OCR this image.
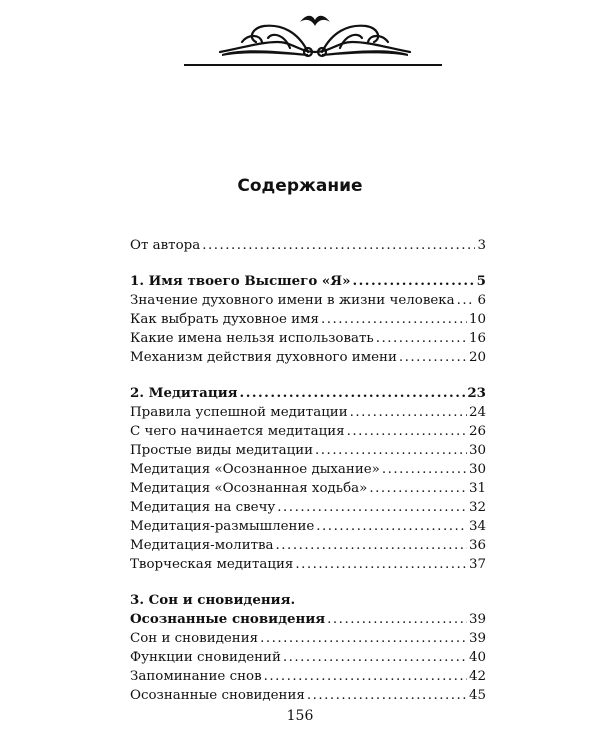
Содержание
От автора .....	3
1. Имя твоего Высшего «Я» .....	5
Значение духовного имени в жизни человека ..... 6
Как выбрать духовное имя .....	10
Какие имена нельзя использовать .....	16
Механизм действия духовного имени .....	20
2. Медитация .....	23
Правила успешной медитации .....	24
С чего начинается медитация .....	26
Простые виды медитации .....	30
Медитация «Осознанное дыхание» .....	30
Медитация «Осознанная ходьба» .....	31
Медитация на свечу .....	32
Медитация-размышление .....	34
Медитация-молитва .....	36
Творческая медитация .....	37
3. Сон и сновидения.
Осознанные сновидения .....	39
Сон и сновидения .....	39
Функции сновидений .....	40
Запоминание снов .....	42
Осознанные сновидения .....	45
156
